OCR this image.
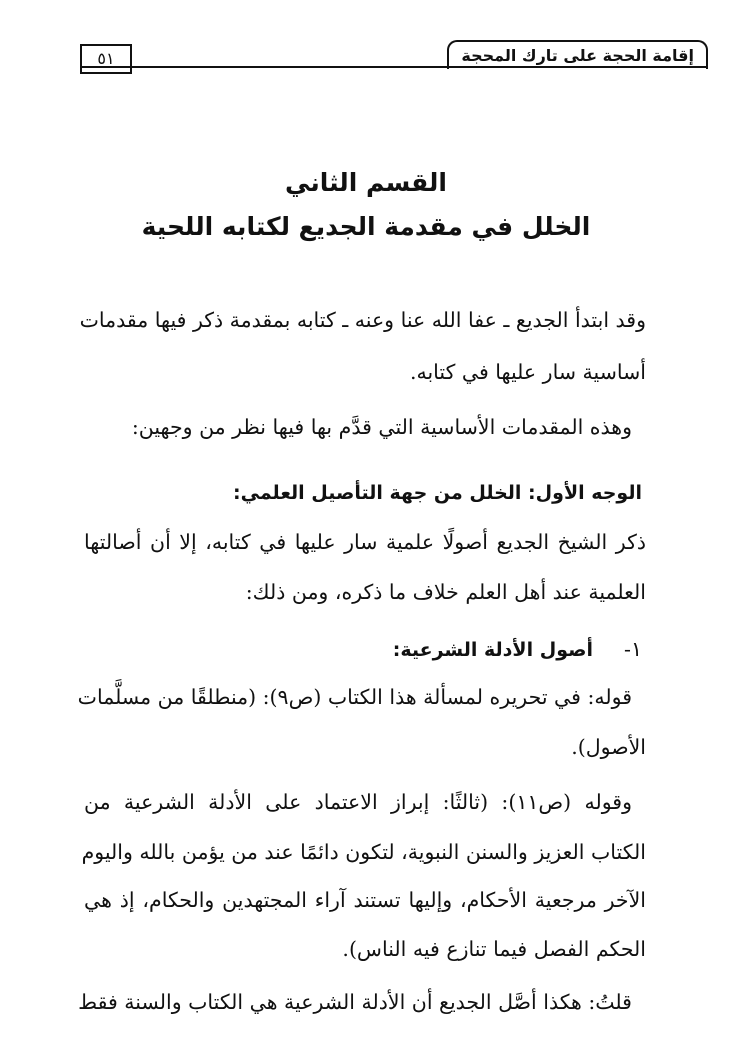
إقامة الحجة على تارك المحجة
٥١
القسم الثاني
الخلل في مقدمة الجديع لكتابه اللحية
وقد ابتدأ الجديع ـ عفا الله عنا وعنه ـ كتابه بمقدمة ذكر فيها مقدمات
أساسية سار عليها في كتابه.
وهذه المقدمات الأساسية التي قدَّم بها فيها نظر من وجهين:
الوجه الأول: الخلل من جهة التأصيل العلمي:
ذكر الشيخ الجديع أصولًا علمية سار عليها في كتابه، إلا أن أصالتها
العلمية عند أهل العلم خلاف ما ذكره، ومن ذلك:
١-  أصول الأدلة الشرعية:
قوله: في تحريره لمسألة هذا الكتاب (ص٩): (منطلقًا من مسلَّمات
الأصول).
وقوله (ص١١): (ثالثًا: إبراز الاعتماد على الأدلة الشرعية من
الكتاب العزيز والسنن النبوية، لتكون دائمًا عند من يؤمن بالله واليوم
الآخر مرجعية الأحكام، وإليها تستند آراء المجتهدين والحكام، إذ هي
الحكم الفصل فيما تنازع فيه الناس).
قلتُ: هكذا أصَّل الجديع أن الأدلة الشرعية هي الكتاب والسنة فقط
